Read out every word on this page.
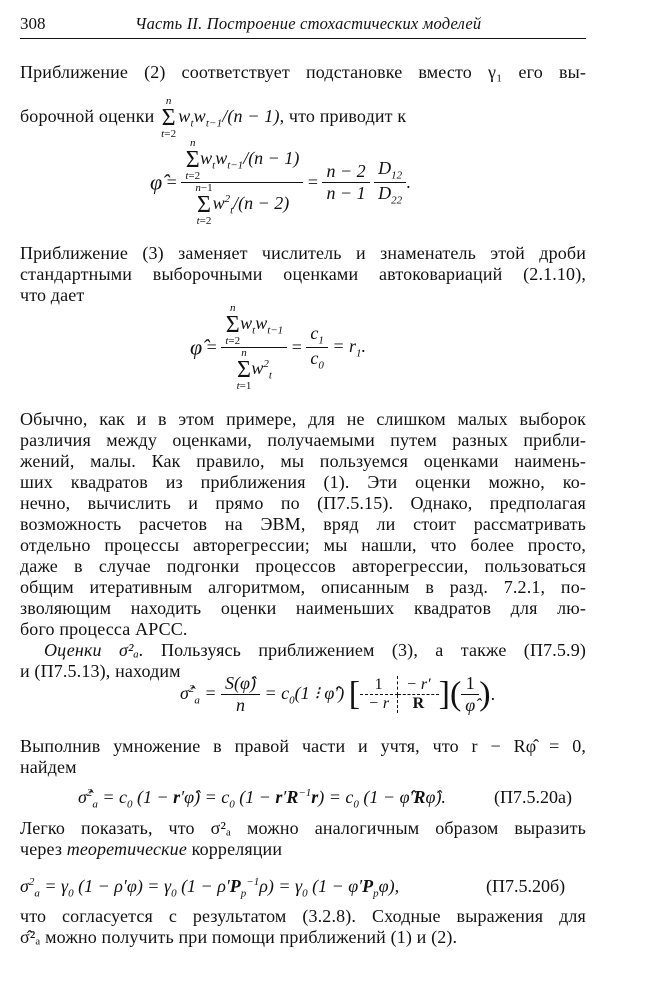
308	Часть II. Построение стохастических моделей
Приближение (2) соответствует подстановке вместо γ₁ его вы-
борочной оценки n
Σ
$t=2w_tw_{t-1}/(n - 1)$, что приводит к
φ̂ = n
Σ
$t=2w_tw_{t-1}/(n - 1)$
n−1
Σ
$t=2w^2_t/(n - 2) = \frac{n - 2}{n - 1}$
$\frac{D_{12}}{D_{22}}$ .
Приближение (3) заменяет числитель и знаменатель этой дроби
стандартными выборочными оценками автоковариаций (2.1.10),
что дает
φ̂ = n
Σ
$t=2w_tw_{t-1}$
n
Σ
$t=1w^2_t = \frac{c_1}{c_0} = r_1$.
Обычно, как и в этом примере, для не слишком малых выборок
различия между оценками, получаемыми путем разных прибли-
жений, малы. Как правило, мы пользуемся оценками наимень-
ших квадратов из приближения (1). Эти оценки можно, ко-
нечно, вычислить и прямо по (П7.5.15). Однако, предполагая
возможность расчетов на ЭВМ, вряд ли стоит рассматривать
отдельно процессы авторегрессии; мы нашли, что более просто,
даже в случае подгонки процессов авторегрессии, пользоваться
общим итеративным алгоритмом, описанным в разд. 7.2.1, по-
зволяющим находить оценки наименьших квадратов для лю-
бого процесса АРСС.
Оценки σ²ₐ. Пользуясь приближением (3), а также (П7.5.9)
и (П7.5.13), находим
σ̂$^2_a$ = $\frac{S(\varphî)}{n} = c_0(1$ ⁝ φ̂′) [ 1	− r′
− r	R ]( $\frac{1}{\varphî}$ ).
Выполнив умножение в правой части и учтя, что r − Rφ̂ = 0,
найдем
σ̂$^2_a$ = $c_0$ (1 − r′φ̂) = $c_0$ $(1 - r'R^{-1}r) = c_0$ (1 − φ̂′Rφ̂).	(П7.5.20а)
Легко показать, что σ²ₐ можно аналогичным образом выразить
через теоретические корреляции
$\sigma^2_a = \gamma_0$ $(1 - \rho'\varphi) = \gamma_0$ $(1 - \rho'P_p^{-1}\rho) = \gamma_0$ $(1 - \varphi'P_p\varphi)$,	(П7.5.20б)
что согласуется с результатом (3.2.8). Сходные выражения для
σ̂²ₐ можно получить при помощи приближений (1) и (2).
